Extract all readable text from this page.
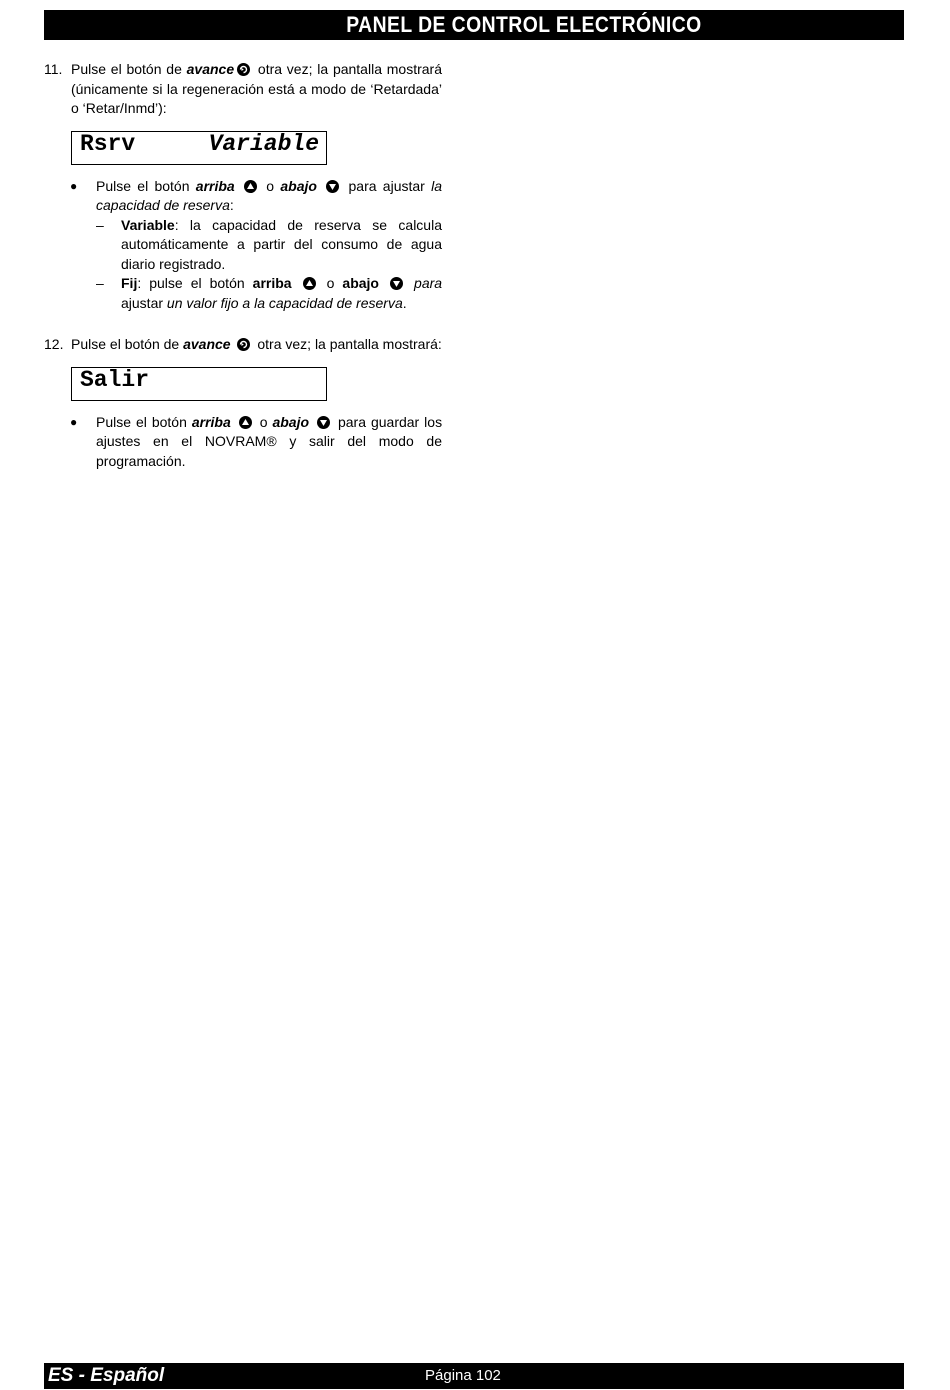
PANEL DE CONTROL ELECTRÓNICO
11. Pulse el botón de avance otra vez; la pantalla mostrará (únicamente si la regeneración está a modo de ‘Retardada’ o ‘Retar/Inmd’):
Rsrv	Variable
●	Pulse el botón arriba o abajo para ajustar la capacidad de reserva:
–	Variable: la capacidad de reserva se calcula automáticamente a partir del consumo de agua diario registrado.
–	Fij: pulse el botón arriba	o abajo	para ajustar un valor fijo a la capacidad de reserva.
12. Pulse el botón de avance otra vez; la pantalla mostrará:
Salir
●	Pulse el botón arriba o abajo para guardar los ajustes en el NOVRAM® y salir del modo de programación.
ES - Español	Página 102
